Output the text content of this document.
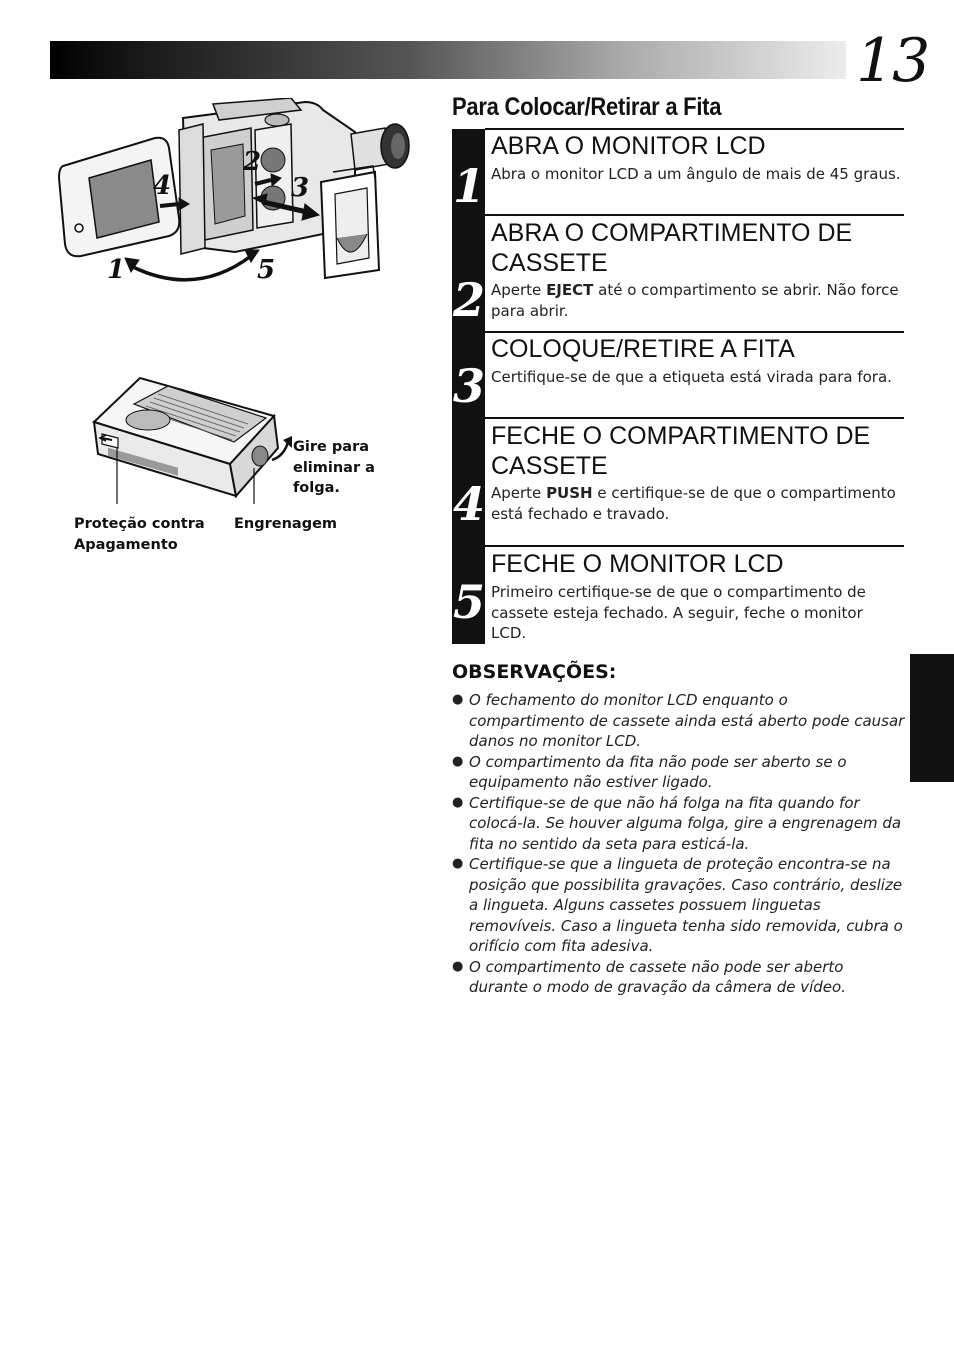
13
1
2
3
4
5
Gire para
eliminar a
folga.
Proteção contra
Apagamento
Engrenagem
Para Colocar/Retirar a Fita
1
ABRA O MONITOR LCD
Abra o monitor LCD a um ângulo de mais de 45 graus.
2
ABRA O COMPARTIMENTO DE
CASSETE
Aperte EJECT até o compartimento se abrir. Não force para abrir.
3
COLOQUE/RETIRE A FITA
Certifique-se de que a etiqueta está virada para fora.
4
FECHE O COMPARTIMENTO DE
CASSETE
Aperte PUSH e certifique-se de que o compartimento está fechado e travado.
5
FECHE O MONITOR LCD
Primeiro certifique-se de que o compartimento de cassete esteja fechado. A seguir, feche o monitor LCD.
OBSERVAÇÕES:
● O fechamento do monitor LCD enquanto o compartimento de cassete ainda está aberto pode causar danos no monitor LCD.
● O compartimento da fita não pode ser aberto se o equipamento não estiver ligado.
● Certifique-se de que não há folga na fita quando for colocá-la. Se houver alguma folga, gire a engrenagem da fita no sentido da seta para esticá-la.
● Certifique-se que a lingueta de proteção encontra-se na posição que possibilita gravações. Caso contrário, deslize a lingueta. Alguns cassetes possuem linguetas removíveis. Caso a lingueta tenha sido removida, cubra o orifício com fita adesiva.
● O compartimento de cassete não pode ser aberto durante o modo de gravação da câmera de vídeo.
